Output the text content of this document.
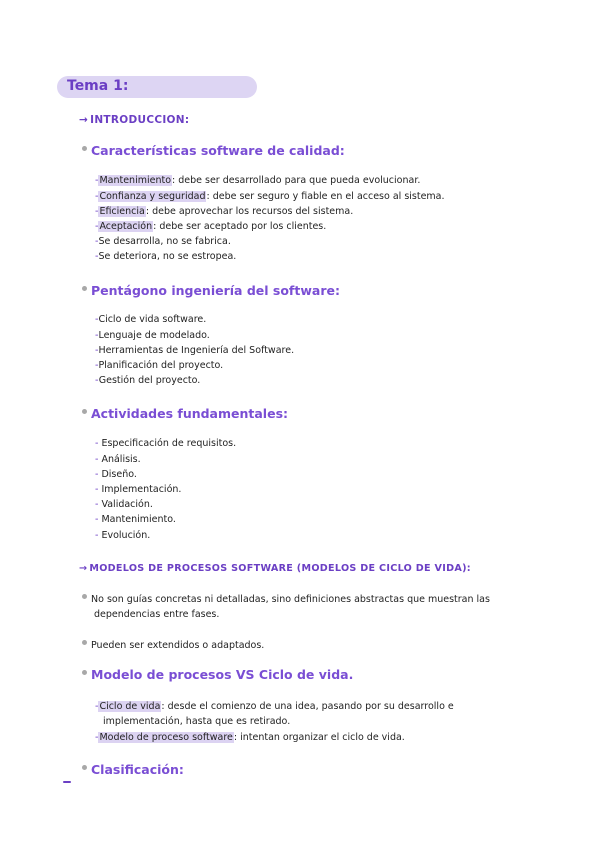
Tema 1:
→ INTRODUCCION:
Características software de calidad:
-Mantenimiento: debe ser desarrollado para que pueda evolucionar.
-Confianza y seguridad: debe ser seguro y fiable en el acceso al sistema.
-Eficiencia: debe aprovechar los recursos del sistema.
-Aceptación: debe ser aceptado por los clientes.
-Se desarrolla, no se fabrica.
-Se deteriora, no se estropea.
Pentágono ingeniería del software:
-Ciclo de vida software.
-Lenguaje de modelado.
-Herramientas de Ingeniería del Software.
-Planificación del proyecto.
-Gestión del proyecto.
Actividades fundamentales:
- Especificación de requisitos.
- Análisis.
- Diseño.
- Implementación.
- Validación.
- Mantenimiento.
- Evolución.
→ MODELOS DE PROCESOS SOFTWARE (MODELOS DE CICLO DE VIDA):
No son guías concretas ni detalladas, sino definiciones abstractas que muestran las
dependencias entre fases.
Pueden ser extendidos o adaptados.
Modelo de procesos VS Ciclo de vida.
-Ciclo de vida: desde el comienzo de una idea, pasando por su desarrollo e
implementación, hasta que es retirado.
-Modelo de proceso software: intentan organizar el ciclo de vida.
Clasificación:
